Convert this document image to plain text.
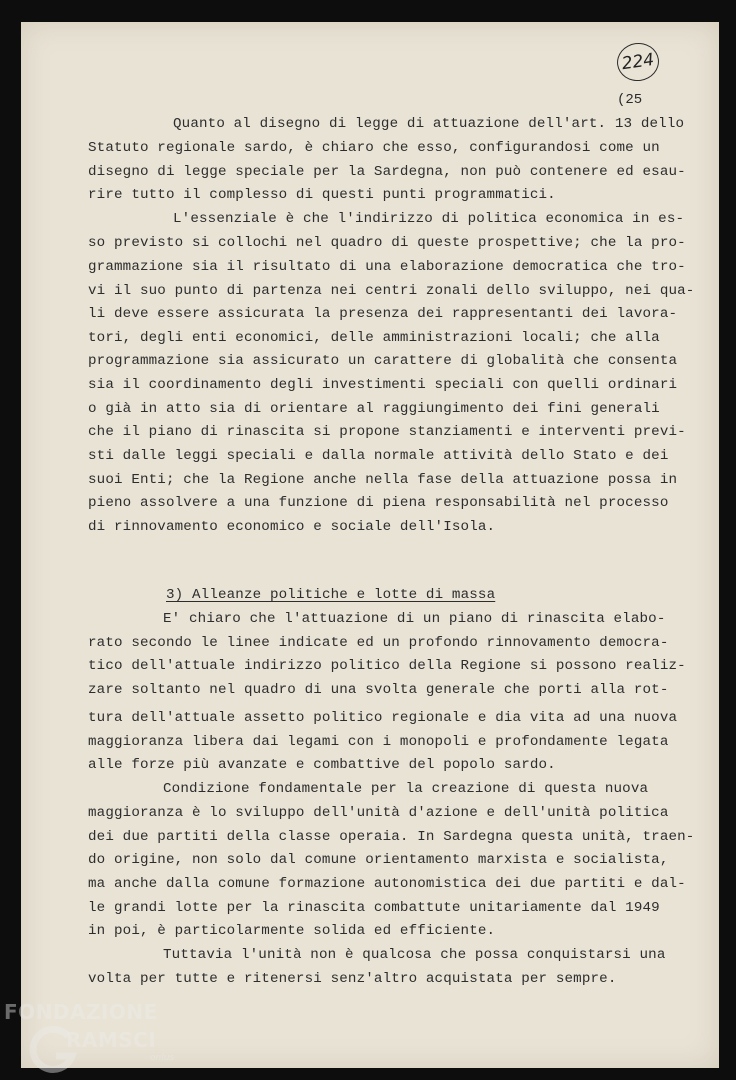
224
(25
Quanto al disegno di legge di attuazione dell'art. 13 dello
Statuto regionale sardo, è chiaro che esso, configurandosi come un
disegno di legge speciale per la Sardegna, non può contenere ed esau-
rire tutto il complesso di questi punti programmatici.
L'essenziale è che l'indirizzo di politica economica in es-
so previsto si collochi nel quadro di queste prospettive; che la pro-
grammazione sia il risultato di una elaborazione democratica che tro-
vi il suo punto di partenza nei centri zonali dello sviluppo, nei qua-
li deve essere assicurata la presenza dei rappresentanti dei lavora-
tori, degli enti economici, delle amministrazioni locali; che alla
programmazione sia assicurato un carattere di globalità che consenta
sia il coordinamento degli investimenti speciali con quelli ordinari
o già in atto sia di orientare al raggiungimento dei fini generali
che il piano di rinascita si propone stanziamenti e interventi previ-
sti dalle leggi speciali e dalla normale attività dello Stato e dei
suoi Enti; che la Regione anche nella fase della attuazione possa in
pieno assolvere a una funzione di piena responsabilità nel processo
di rinnovamento economico e sociale dell'Isola.
3) Alleanze politiche e lotte di massa
E' chiaro che l'attuazione di un piano di rinascita elabo-
rato secondo le linee indicate ed un profondo rinnovamento democra-
tico dell'attuale indirizzo politico della Regione si possono realiz-
zare soltanto nel quadro di una svolta generale che porti alla rot-
tura dell'attuale assetto politico regionale e dia vita ad una nuova
maggioranza libera dai legami con i monopoli e profondamente legata
alle forze più avanzate e combattive del popolo sardo.
Condizione fondamentale per la creazione di questa nuova
maggioranza è lo sviluppo dell'unità d'azione e dell'unità politica
dei due partiti della classe operaia. In Sardegna questa unità, traen-
do origine, non solo dal comune orientamento marxista e socialista,
ma anche dalla comune formazione autonomistica dei due partiti e dal-
le grandi lotte per la rinascita combattute unitariamente dal 1949
in poi, è particolarmente solida ed efficiente.
Tuttavia l'unità non è qualcosa che possa conquistarsi una
volta per tutte e ritenersi senz'altro acquistata per sempre.
FONDAZIONE
RAMSCI
onlus
